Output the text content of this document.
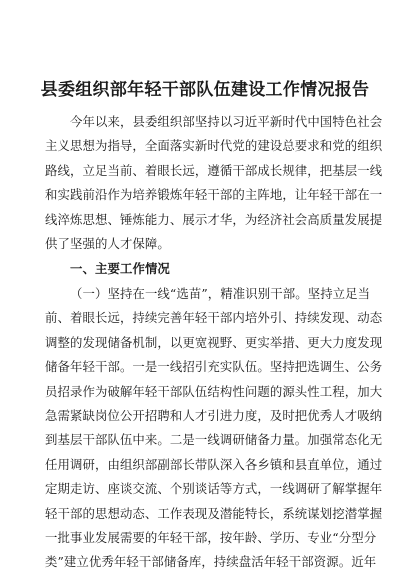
县委组织部年轻干部队伍建设工作情况报告
今年以来，县委组织部坚持以习近平新时代中国特色社会
主义思想为指导，全面落实新时代党的建设总要求和党的组织
路线，立足当前、着眼长远，遵循干部成长规律，把基层一线
和实践前沿作为培养锻炼年轻干部的主阵地，让年轻干部在一
线淬炼思想、锤炼能力、展示才华，为经济社会高质量发展提
供了坚强的人才保障。
一、主要工作情况
（一）坚持在一线“选苗”，精准识别干部。坚持立足当
前、着眼长远，持续完善年轻干部内培外引、持续发现、动态
调整的发现储备机制，以更宽视野、更实举措、更大力度发现
储备年轻干部。一是一线招引充实队伍。坚持把选调生、公务
员招录作为破解年轻干部队伍结构性问题的源头性工程，加大
急需紧缺岗位公开招聘和人才引进力度，及时把优秀人才吸纳
到基层干部队伍中来。二是一线调研储备力量。加强常态化无
任用调研，由组织部副部长带队深入各乡镇和县直单位，通过
定期走访、座谈交流、个别谈话等方式，一线调研了解掌握年
轻干部的思想动态、工作表现及潜能特长，系统谋划挖潜掌握
一批事业发展需要的年轻干部，按年龄、学历、专业“分型分
类”建立优秀年轻干部储备库，持续盘活年轻干部资源。近年
